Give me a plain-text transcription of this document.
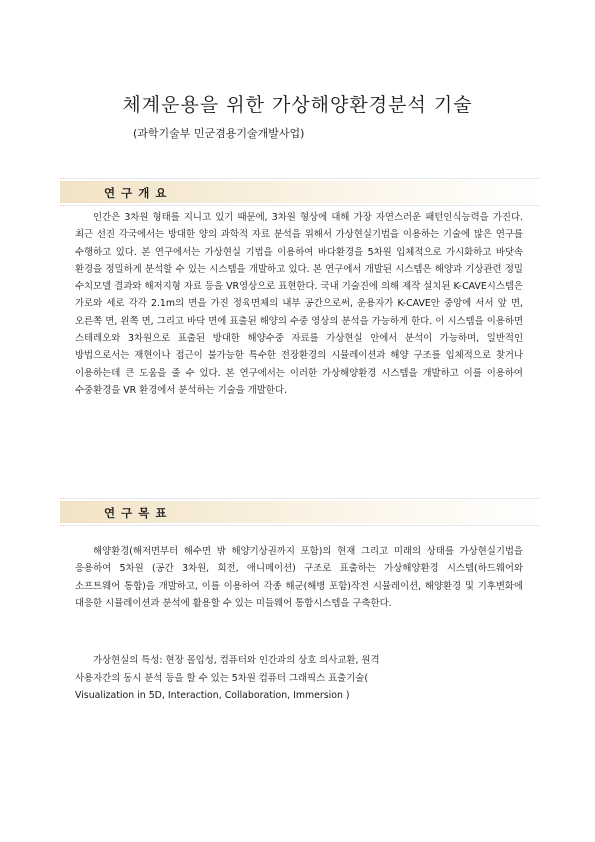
체계운용을 위한 가상해양환경분석 기술

(과학기술부 민군겸용기술개발사업)

연 구 개 요

인간은 3차원 형태를 지니고 있기 때문에, 3차원 형상에 대해 가장 자연스러운 패턴인식능력을 가진다. 최근 선진 각국에서는 방대한 양의 과학적 자료 분석을 위해서 가상현실기법을 이용하는 기술에 많은 연구를 수행하고 있다. 본 연구에서는 가상현실 기법을 이용하여 바다환경을 5차원 입체적으로 가시화하고 바닷속 환경을 정밀하게 분석할 수 있는 시스템을 개발하고 있다. 본 연구에서 개발된 시스템은 해양과 기상관련 정밀 수치모델 결과와 해저지형 자료 등을 VR영상으로 표현한다. 국내 기술진에 의해 제작 설치된 K-CAVE시스템은 가로와 세로 각각 2.1m의 면을 가진 정육면체의 내부 공간으로써, 운용자가 K-CAVE안 중앙에 서서 앞 면, 오른쪽 면, 왼쪽 면, 그리고 바닥 면에 표출된 해양의 수중 영상의 분석을 가능하게 한다. 이 시스템을 이용하면 스테레오와 3차원으로 표출된 방대한 해양수중 자료를 가상현실 안에서 분석이 가능하며, 일반적인 방법으로서는 재현이나 접근이 불가능한 특수한 전장환경의 시뮬레이션과 해양 구조를 입체적으로 찾거나 이용하는데 큰 도움을 줄 수 있다. 본 연구에서는 이러한 가상해양환경 시스템을 개발하고 이를 이용하여 수중환경을 VR 환경에서 분석하는 기술을 개발한다.

연 구 목 표

해양환경(해저면부터 해수면 밖 해양기상권까지 포함)의 현재 그리고 미래의 상태를 가상현실기법을 응용하여 5차원 (공간 3차원, 회전, 애니메이션) 구조로 표출하는 가상해양환경 시스템(하드웨어와 소프트웨어 통합)을 개발하고, 이를 이용하여 각종 해군(해병 포함)작전 시뮬레이션, 해양환경 및 기후변화에 대응한 시뮬레이션과 분석에 활용할 수 있는 미들웨어 통합시스템을 구축한다.

가상현실의 특성: 현장 몰입성, 컴퓨터와 인간과의 상호 의사교환, 원격
사용자간의 동시 분석 등을 할 수 있는 5차원 컴퓨터 그래픽스 표출기술(
Visualization in 5D, Interaction, Collaboration, Immersion )
